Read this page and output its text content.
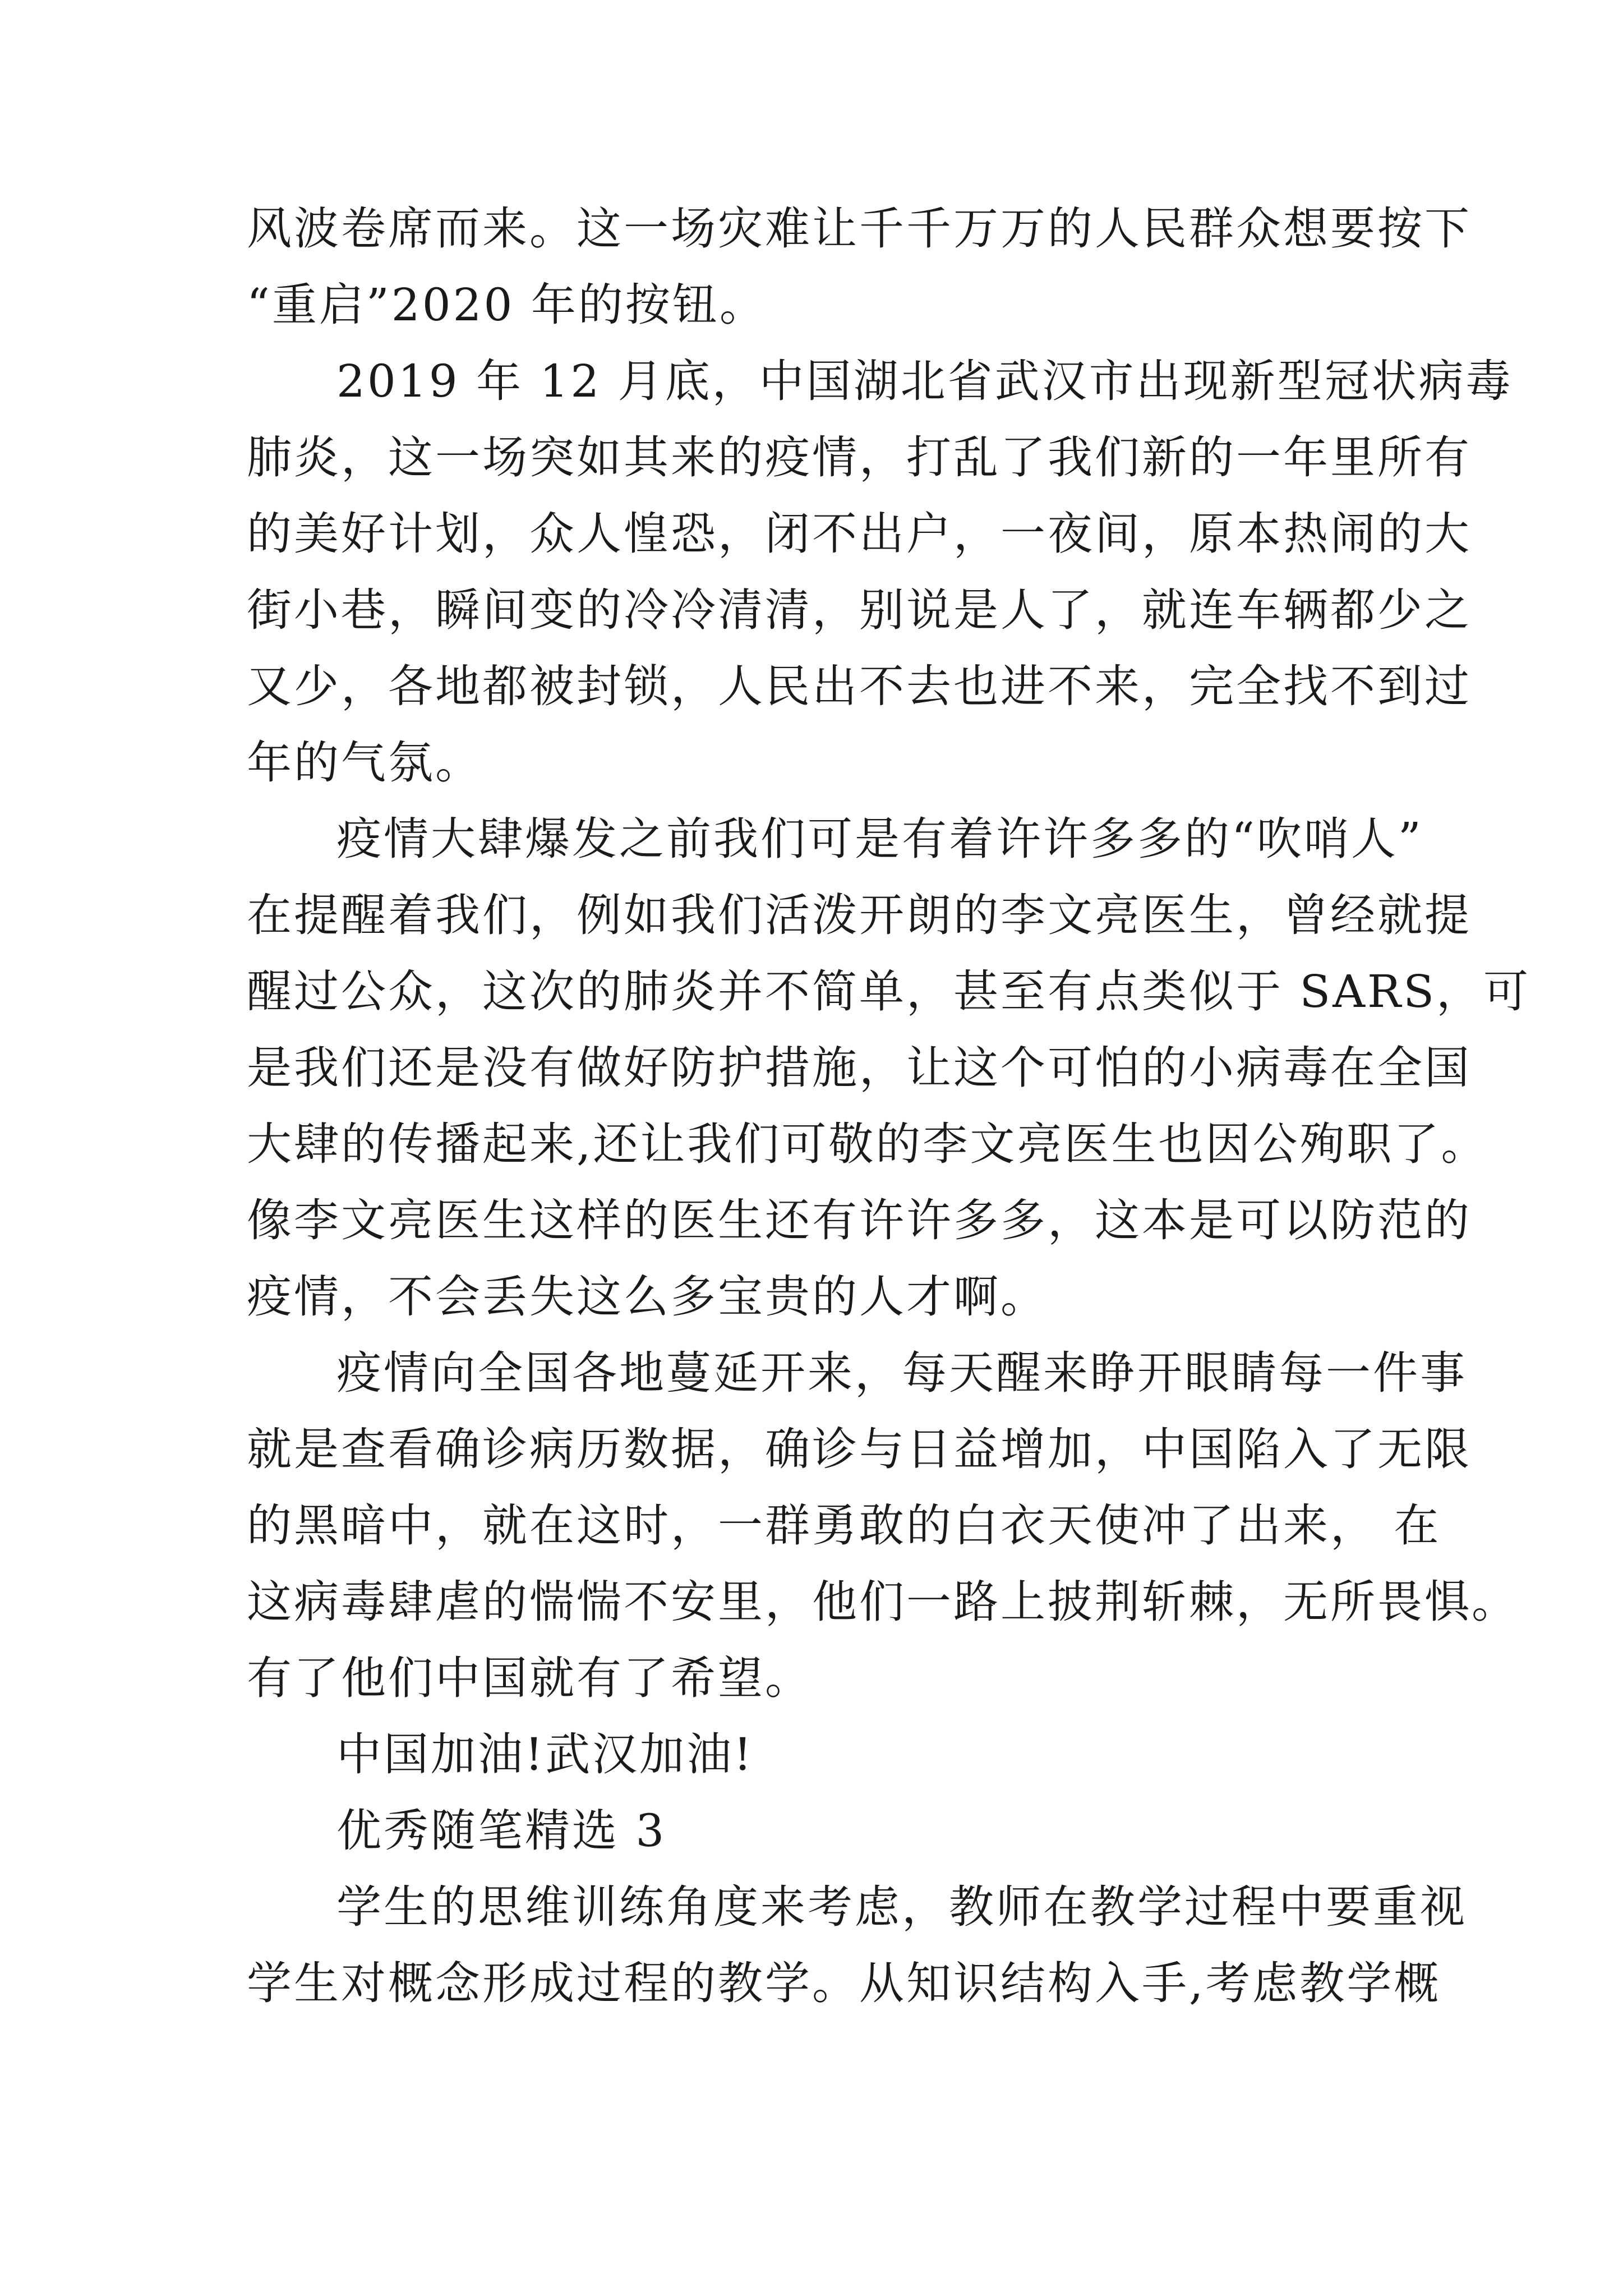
风波卷席而来。这一场灾难让千千万万的人民群众想要按下
“重启”2020 年的按钮。
2019 年 12 月底，中国湖北省武汉市出现新型冠状病毒
肺炎，这一场突如其来的疫情，打乱了我们新的一年里所有
的美好计划，众人惶恐，闭不出户，一夜间，原本热闹的大
街小巷，瞬间变的冷冷清清，别说是人了，就连车辆都少之
又少，各地都被封锁，人民出不去也进不来，完全找不到过
年的气氛。
疫情大肆爆发之前我们可是有着许许多多的“吹哨人”
在提醒着我们，例如我们活泼开朗的李文亮医生，曾经就提
醒过公众，这次的肺炎并不简单，甚至有点类似于 SARS，可
是我们还是没有做好防护措施，让这个可怕的小病毒在全国
大肆的传播起来,还让我们可敬的李文亮医生也因公殉职了。
像李文亮医生这样的医生还有许许多多，这本是可以防范的
疫情，不会丢失这么多宝贵的人才啊。
疫情向全国各地蔓延开来，每天醒来睁开眼睛每一件事
就是查看确诊病历数据，确诊与日益增加，中国陷入了无限
的黑暗中，就在这时，一群勇敢的白衣天使冲了出来， 在
这病毒肆虐的惴惴不安里，他们一路上披荆斩棘，无所畏惧。
有了他们中国就有了希望。
中国加油!武汉加油!
优秀随笔精选 3
学生的思维训练角度来考虑，教师在教学过程中要重视
学生对概念形成过程的教学。从知识结构入手,考虑教学概
